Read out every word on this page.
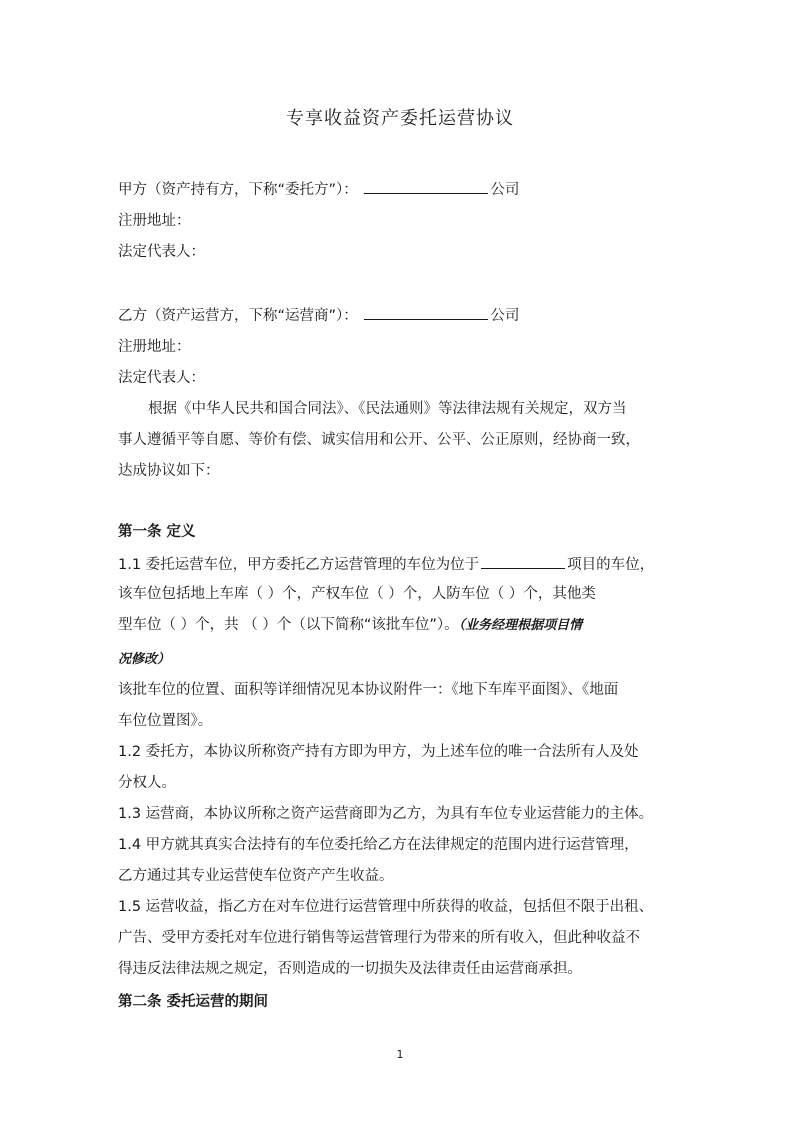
专享收益资产委托运营协议
甲方（资产持有方，下称“委托方”）：	公司
注册地址：
法定代表人：
乙方（资产运营方，下称“运营商”）：	公司
注册地址：
法定代表人：
根据《中华人民共和国合同法》、《民法通则》等法律法规有关规定，双方当
事人遵循平等自愿、等价有偿、诚实信用和公开、公平、公正原则，经协商一致，
达成协议如下：
第一条 定义
1.1 委托运营车位，甲方委托乙方运营管理的车位为位于	项目的车位，
该车位包括地上车库（ ）个，产权车位（ ）个，人防车位（ ）个，其他类
型车位（ ）个，共 （ ）个（以下简称“该批车位”）。（业务经理根据项目情
况修改）
该批车位的位置、面积等详细情况见本协议附件一：《地下车库平面图》、《地面
车位位置图》。
1.2 委托方，本协议所称资产持有方即为甲方，为上述车位的唯一合法所有人及处
分权人。
1.3 运营商，本协议所称之资产运营商即为乙方，为具有车位专业运营能力的主体。
1.4 甲方就其真实合法持有的车位委托给乙方在法律规定的范围内进行运营管理，
乙方通过其专业运营使车位资产产生收益。
1.5 运营收益，指乙方在对车位进行运营管理中所获得的收益，包括但不限于出租、
广告、受甲方委托对车位进行销售等运营管理行为带来的所有收入，但此种收益不
得违反法律法规之规定，否则造成的一切损失及法律责任由运营商承担。
第二条 委托运营的期间
1
